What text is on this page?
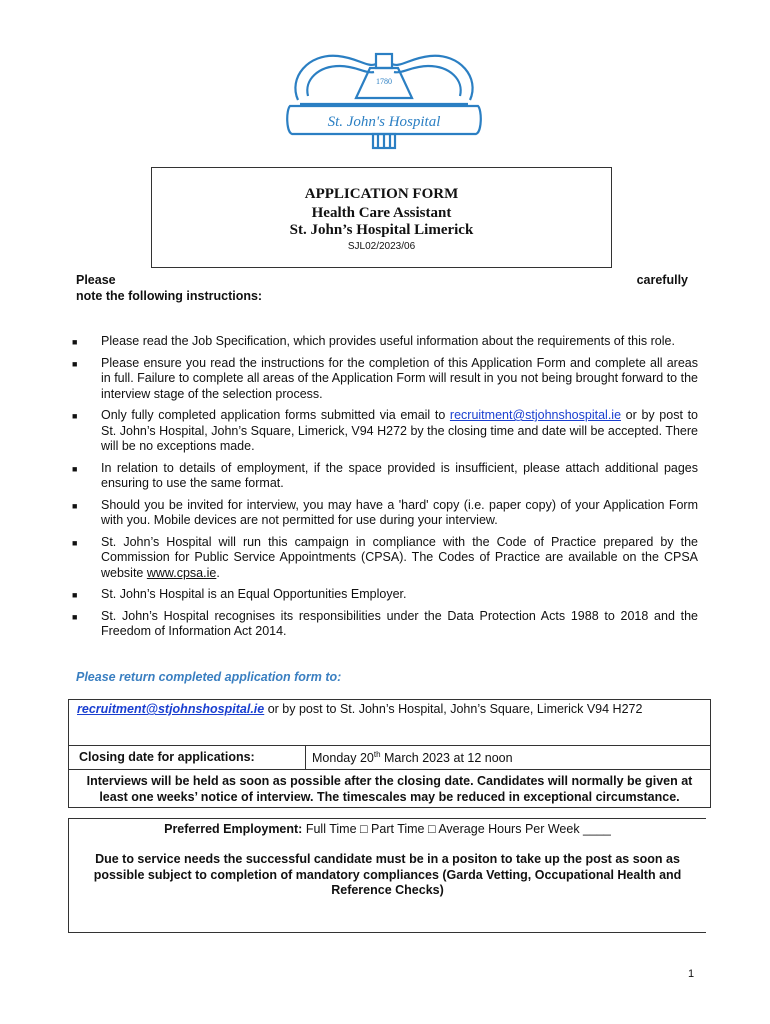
1780
St. John's Hospital
APPLICATION FORM
Health Care Assistant
St. John’s Hospital Limerick
SJL02/2023/06
Please	carefully
note the following instructions:
■ Please read the Job Specification, which provides useful information about the requirements of this role.
■ Please ensure you read the instructions for the completion of this Application Form and complete all areas in full. Failure to complete all areas of the Application Form will result in you not being brought forward to the interview stage of the selection process.
■ Only fully completed application forms submitted via email to recruitment@stjohnshospital.ie or by post to St. John’s Hospital, John’s Square, Limerick, V94 H272 by the closing time and date will be accepted. There will be no exceptions made.
■ In relation to details of employment, if the space provided is insufficient, please attach additional pages ensuring to use the same format.
■ Should you be invited for interview, you may have a 'hard' copy (i.e. paper copy) of your Application Form with you. Mobile devices are not permitted for use during your interview.
■ St. John’s Hospital will run this campaign in compliance with the Code of Practice prepared by the Commission for Public Service Appointments (CPSA). The Codes of Practice are available on the CPSA website www.cpsa.ie.
■ St. John’s Hospital is an Equal Opportunities Employer.
■ St. John’s Hospital recognises its responsibilities under the Data Protection Acts 1988 to 2018 and the Freedom of Information Act 2014.
Please return completed application form to:
recruitment@stjohnshospital.ie or by post to St. John’s Hospital, John’s Square, Limerick V94 H272
Closing date for applications:	Monday 20th March 2023 at 12 noon
Interviews will be held as soon as possible after the closing date. Candidates will normally be given at least one weeks’ notice of interview. The timescales may be reduced in exceptional circumstance.
Preferred Employment: Full Time □ Part Time □ Average Hours Per Week ____
Due to service needs the successful candidate must be in a positon to take up the post as soon as possible subject to completion of mandatory compliances (Garda Vetting, Occupational Health and Reference Checks)
1
